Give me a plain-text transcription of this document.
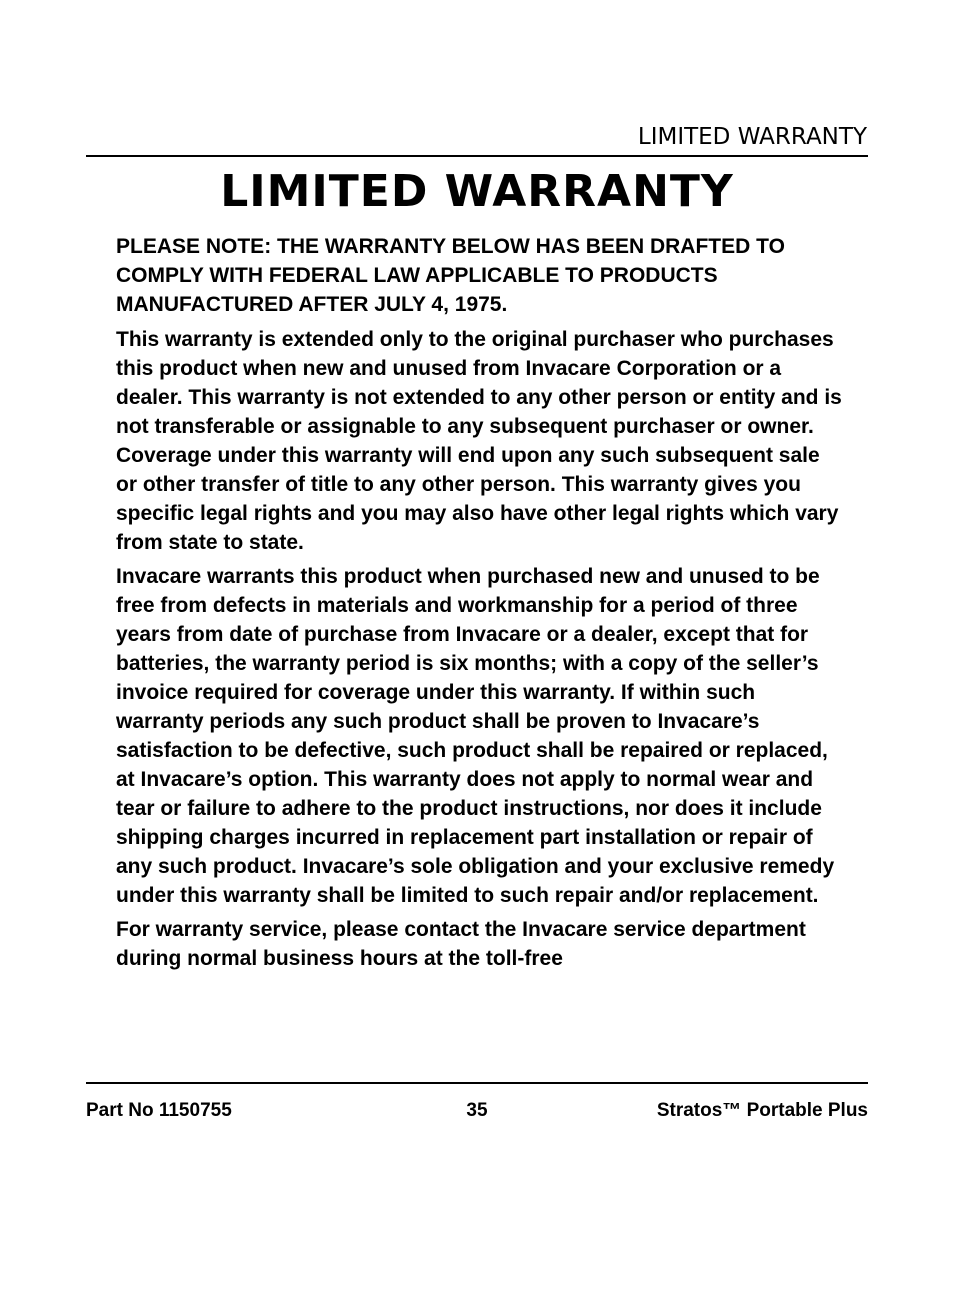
LIMITED WARRANTY
LIMITED WARRANTY

PLEASE NOTE: THE WARRANTY BELOW HAS BEEN DRAFTED TO COMPLY WITH FEDERAL LAW APPLICABLE TO PRODUCTS MANUFACTURED AFTER JULY 4, 1975.

This warranty is extended only to the original purchaser who purchases this product when new and unused from Invacare Corporation or a dealer. This warranty is not extended to any other person or entity and is not transferable or assignable to any subsequent purchaser or owner. Coverage under this warranty will end upon any such subsequent sale or other transfer of title to any other person. This warranty gives you specific legal rights and you may also have other legal rights which vary from state to state.

Invacare warrants this product when purchased new and unused to be free from defects in materials and workmanship for a period of three years from date of purchase from Invacare or a dealer, except that for batteries, the warranty period is six months; with a copy of the seller’s invoice required for coverage under this warranty. If within such warranty periods any such product shall be proven to Invacare’s satisfaction to be defective, such product shall be repaired or replaced, at Invacare’s option. This warranty does not apply to normal wear and tear or failure to adhere to the product instructions, nor does it include shipping charges incurred in replacement part installation or repair of any such product. Invacare’s sole obligation and your exclusive remedy under this warranty shall be limited to such repair and/or replacement.

For warranty service, please contact the Invacare service department during normal business hours at the toll-free

Part No 1150755	35	Stratos™ Portable Plus
